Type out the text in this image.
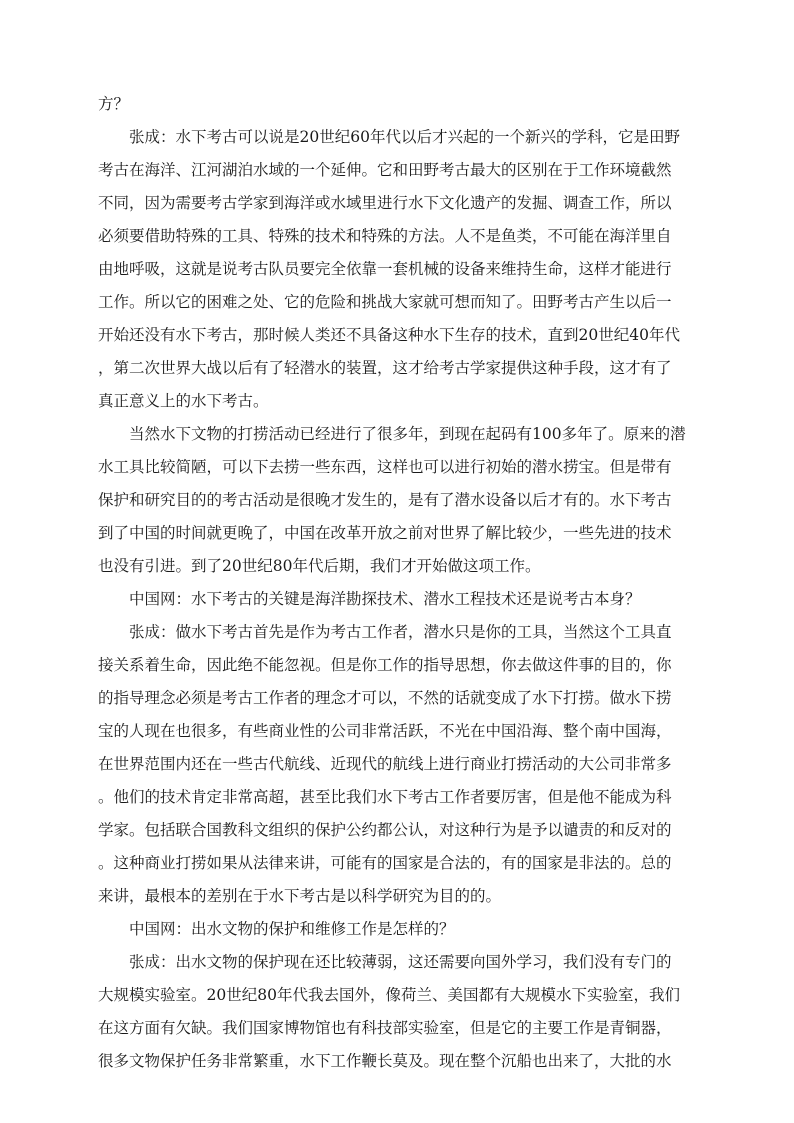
方？
张成：水下考古可以说是20世纪60年代以后才兴起的一个新兴的学科，它是田野
考古在海洋、江河湖泊水域的一个延伸。它和田野考古最大的区别在于工作环境截然
不同，因为需要考古学家到海洋或水域里进行水下文化遗产的发掘、调查工作，所以
必须要借助特殊的工具、特殊的技术和特殊的方法。人不是鱼类，不可能在海洋里自
由地呼吸，这就是说考古队员要完全依靠一套机械的设备来维持生命，这样才能进行
工作。所以它的困难之处、它的危险和挑战大家就可想而知了。田野考古产生以后一
开始还没有水下考古，那时候人类还不具备这种水下生存的技术，直到20世纪40年代
，第二次世界大战以后有了轻潜水的装置，这才给考古学家提供这种手段，这才有了
真正意义上的水下考古。
当然水下文物的打捞活动已经进行了很多年，到现在起码有100多年了。原来的潜
水工具比较简陋，可以下去捞一些东西，这样也可以进行初始的潜水捞宝。但是带有
保护和研究目的的考古活动是很晚才发生的，是有了潜水设备以后才有的。水下考古
到了中国的时间就更晚了，中国在改革开放之前对世界了解比较少，一些先进的技术
也没有引进。到了20世纪80年代后期，我们才开始做这项工作。
中国网：水下考古的关键是海洋勘探技术、潜水工程技术还是说考古本身？
张成：做水下考古首先是作为考古工作者，潜水只是你的工具，当然这个工具直
接关系着生命，因此绝不能忽视。但是你工作的指导思想，你去做这件事的目的，你
的指导理念必须是考古工作者的理念才可以，不然的话就变成了水下打捞。做水下捞
宝的人现在也很多，有些商业性的公司非常活跃，不光在中国沿海、整个南中国海，
在世界范围内还在一些古代航线、近现代的航线上进行商业打捞活动的大公司非常多
。他们的技术肯定非常高超，甚至比我们水下考古工作者要厉害，但是他不能成为科
学家。包括联合国教科文组织的保护公约都公认，对这种行为是予以谴责的和反对的
。这种商业打捞如果从法律来讲，可能有的国家是合法的，有的国家是非法的。总的
来讲，最根本的差别在于水下考古是以科学研究为目的的。
中国网：出水文物的保护和维修工作是怎样的？
张成：出水文物的保护现在还比较薄弱，这还需要向国外学习，我们没有专门的
大规模实验室。20世纪80年代我去国外，像荷兰、美国都有大规模水下实验室，我们
在这方面有欠缺。我们国家博物馆也有科技部实验室，但是它的主要工作是青铜器，
很多文物保护任务非常繁重，水下工作鞭长莫及。现在整个沉船也出来了，大批的水
